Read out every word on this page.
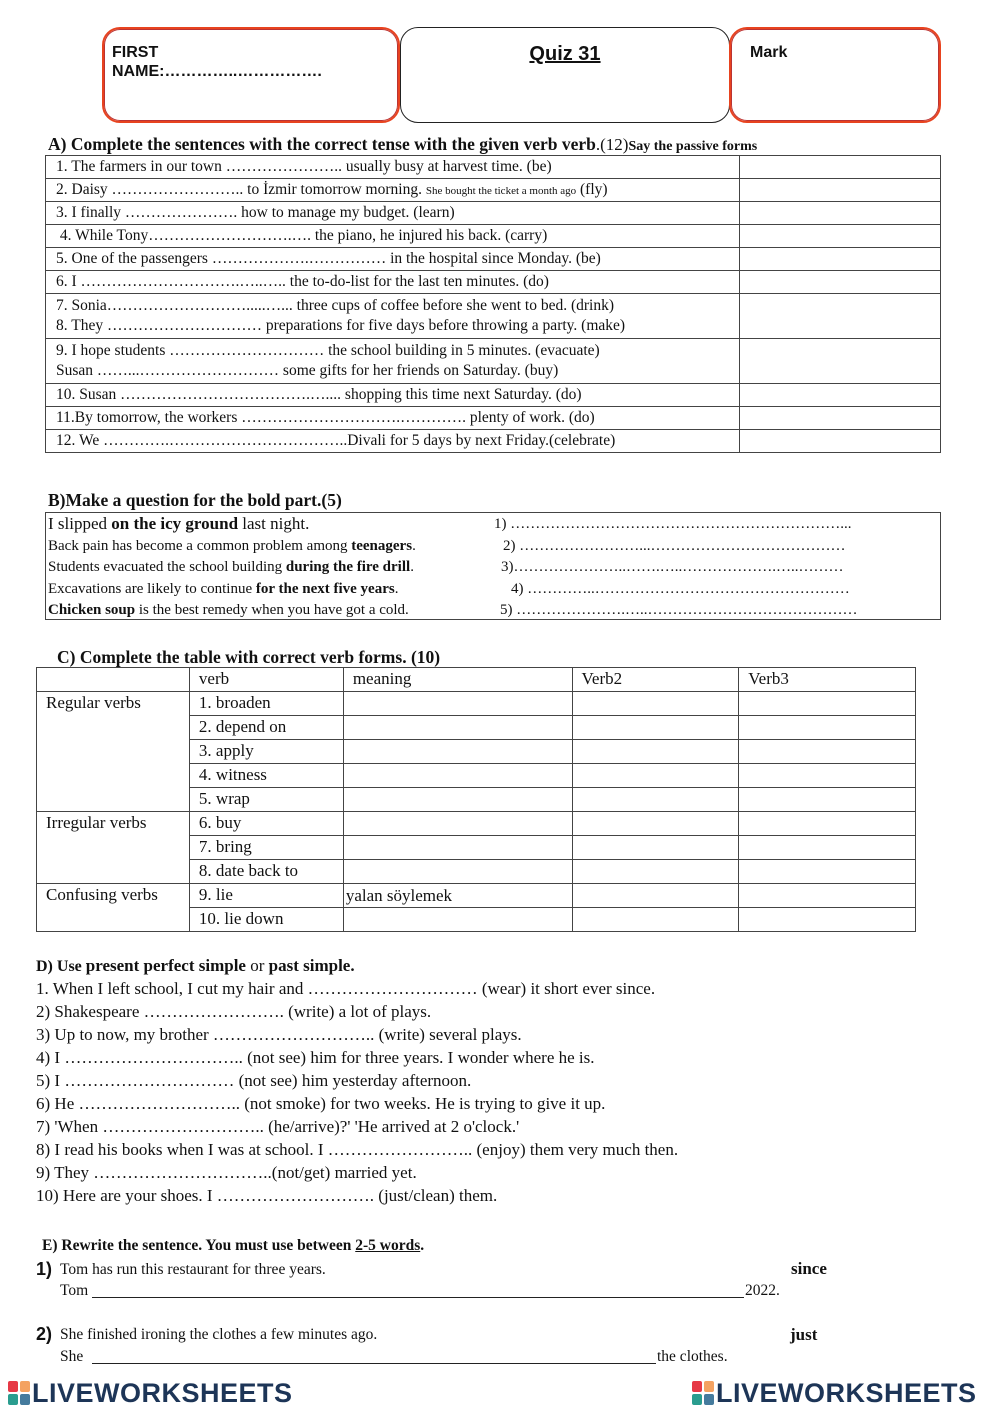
FIRST
NAME:…………..…………….
Quiz 31	Mark
A) Complete the sentences with the correct tense with the given verb verb.(12)Say the passive forms
1. The farmers in our town ………………….. usually busy at harvest time. (be)	
2. Daisy …………………….. to İzmir tomorrow morning. She bought the ticket a month ago (fly)	
3. I finally …………………. how to manage my budget. (learn)	
4. While Tony……………………….…. the piano, he injured his back. (carry)	
5. One of the passengers ……………….…………… in the hospital since Monday. (be)	
6. I ………………………….…..….. the to-do-list for the last ten minutes. (do)	

7. Sonia……………………….....…... three cups of coffee before she went to bed. (drink)
8. They ………………………… preparations for five days before throwing a party. (make)	

9. I hope students ………………………… the school building in 5 minutes. (evacuate)
Susan ……...……………………… some gifts for her friends on Saturday. (buy)	

10. Susan ……………………………….….... shopping this time next Saturday. (do)	
11.By tomorrow, the workers ………………………….…………. plenty of work. (do)	
12. We ………….……………………………..Divali for 5 days by next Friday.(celebrate)	
B)Make a question for the bold part.(5)
I slipped on the icy ground last night.	1) …………………………………………………………...
Back pain has become a common problem among teenagers.	2) ……………………...…………………………………
Students evacuated the school building during the fire drill.	3)…………………..…….…..……………….…..………
Excavations are likely to continue for the next five years.	4) …………..……………………………………………
Chicken soup is the best remedy when you have got a cold.	5) ………………….…..……………………………………
C) Complete the table with correct verb forms. (10)
	verb	meaning	Verb2	Verb3
Regular verbs	1. broaden			
	2. depend on			
	3. apply			
	4. witness			
	5. wrap			
Irregular verbs	6. buy			
	7. bring			
	8. date back to			
Confusing verbs	9. lie	yalan söylemek		
	10. lie down			
D) Use present perfect simple or past simple.
1. When I left school, I cut my hair and ………………………… (wear) it short ever since.
2) Shakespeare ……………………. (write) a lot of plays.
3) Up to now, my brother ……………………….. (write) several plays.
4) I ………………………….. (not see) him for three years. I wonder where he is.
5) I ………………………… (not see) him yesterday afternoon.
6) He ……………………….. (not smoke) for two weeks. He is trying to give it up.
7) 'When ……………………….. (he/arrive)?' 'He arrived at 2 o'clock.'
8) I read his books when I was at school. I …………………….. (enjoy) them very much then.
9) They …………………………..(not/get) married yet.
10) Here are your shoes. I ………………………. (just/clean) them.
E) Rewrite the sentence. You must use between 2-5 words.
1) Tom has run this restaurant for three years.	since
Tom	2022.
2) She finished ironing the clothes a few minutes ago.	just
She	the clothes.
LIVEWORKSHEETS	LIVEWORKSHEETS
